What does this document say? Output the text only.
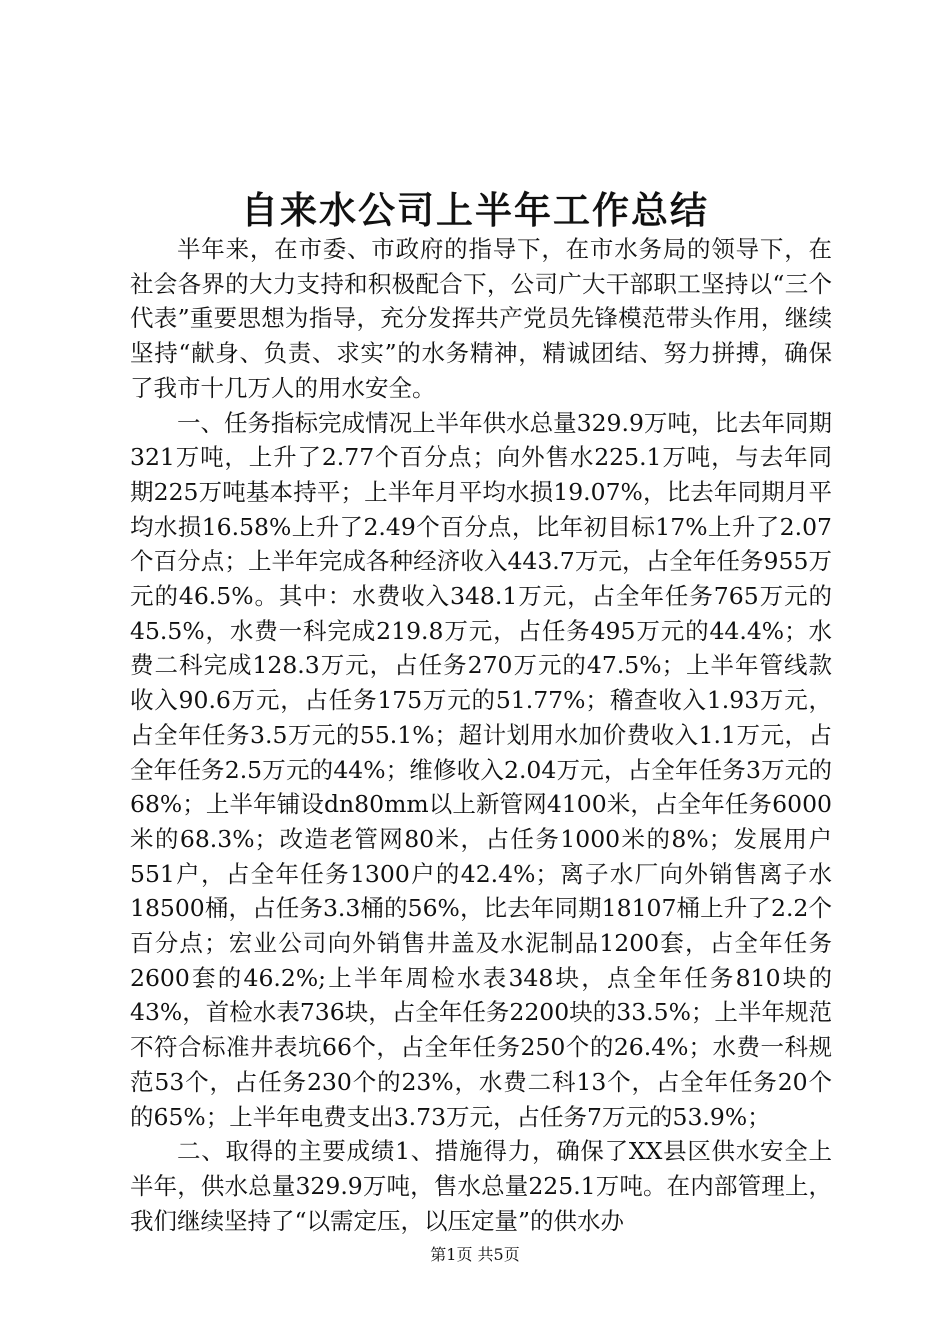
自来水公司上半年工作总结

半年来，在市委、市政府的指导下，在市水务局的领导下，在社会各界的大力支持和积极配合下，公司广大干部职工坚持以“三个代表”重要思想为指导，充分发挥共产党员先锋模范带头作用，继续坚持“献身、负责、求实”的水务精神，精诚团结、努力拼搏，确保了我市十几万人的用水安全。

一、任务指标完成情况上半年供水总量329.9万吨，比去年同期321万吨，上升了2.77个百分点；向外售水225.1万吨，与去年同期225万吨基本持平；上半年月平均水损19.07%，比去年同期月平均水损16.58%上升了2.49个百分点，比年初目标17%上升了2.07个百分点；上半年完成各种经济收入443.7万元，占全年任务955万元的46.5%。其中：水费收入348.1万元，占全年任务765万元的45.5%，水费一科完成219.8万元，占任务495万元的44.4%；水费二科完成128.3万元，占任务270万元的47.5%；上半年管线款收入90.6万元，占任务175万元的51.77%；稽查收入1.93万元，占全年任务3.5万元的55.1%；超计划用水加价费收入1.1万元，占全年任务2.5万元的44%；维修收入2.04万元，占全年任务3万元的68%；上半年铺设dn80mm以上新管网4100米，占全年任务6000米的68.3%；改造老管网80米，占任务1000米的8%；发展用户551户，占全年任务1300户的42.4%；离子水厂向外销售离子水18500桶，占任务3.3桶的56%，比去年同期18107桶上升了2.2个百分点；宏业公司向外销售井盖及水泥制品1200套，占全年任务2600套的46.2%;上半年周检水表348块，点全年任务810块的43%，首检水表736块，占全年任务2200块的33.5%；上半年规范不符合标准井表坑66个，占全年任务250个的26.4%；水费一科规范53个，占任务230个的23%，水费二科13个，占全年任务20个的65%；上半年电费支出3.73万元，占任务7万元的53.9%；

二、取得的主要成绩1、措施得力，确保了XX县区供水安全上半年，供水总量329.9万吨，售水总量225.1万吨。在内部管理上，我们继续坚持了“以需定压，以压定量”的供水办

第1页 共5页
